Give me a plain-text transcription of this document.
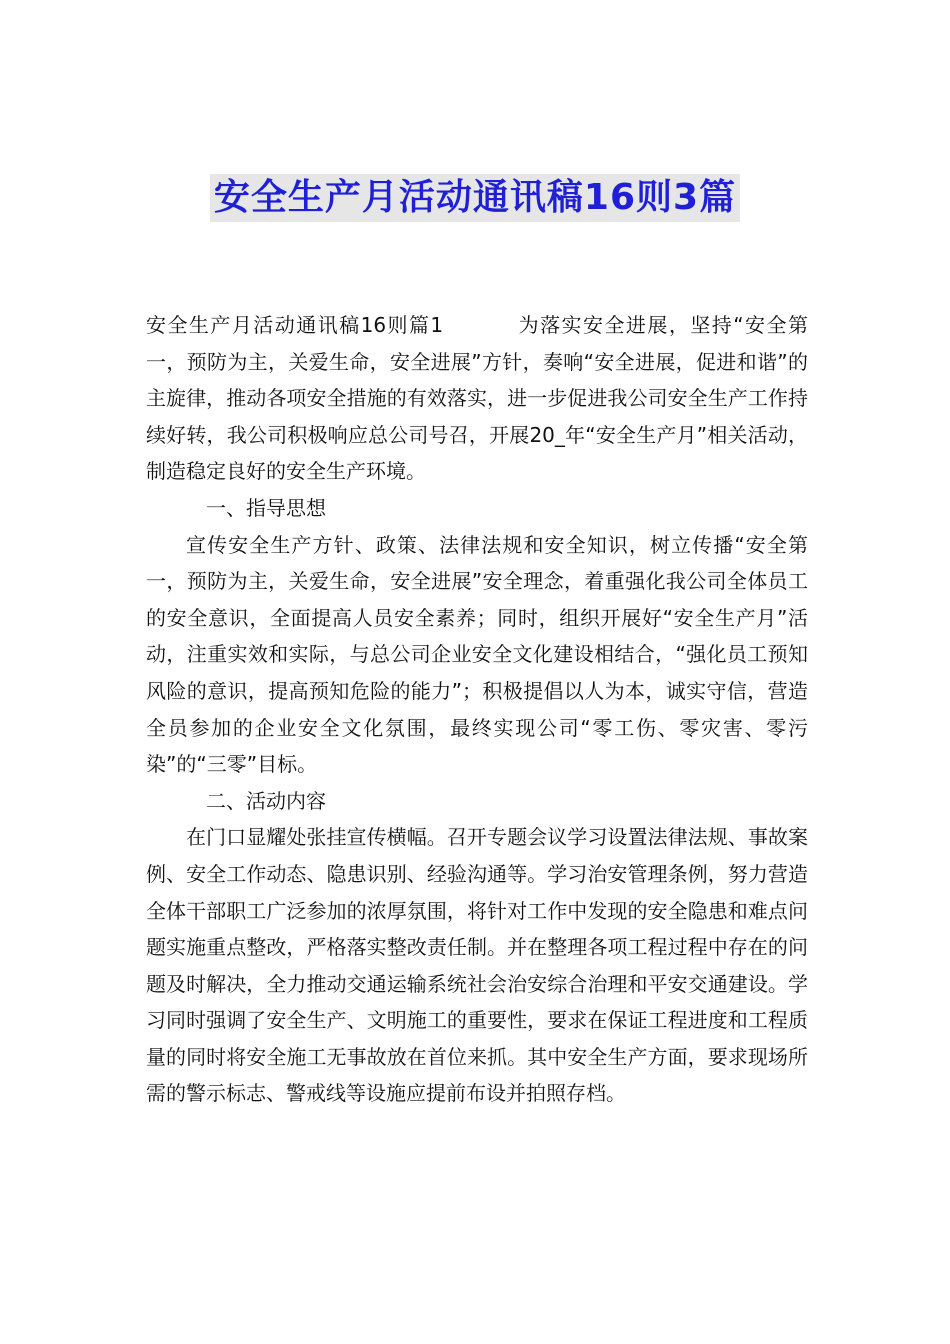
安全生产月活动通讯稿16则3篇

安全生产月活动通讯稿16则篇1	为落实安全进展，坚持“安全第一，预防为主，关爱生命，安全进展”方针，奏响“安全进展，促进和谐”的主旋律，推动各项安全措施的有效落实，进一步促进我公司安全生产工作持续好转，我公司积极响应总公司号召，开展20_年“安全生产月”相关活动，制造稳定良好的安全生产环境。

一、指导思想

宣传安全生产方针、政策、法律法规和安全知识，树立传播“安全第一，预防为主，关爱生命，安全进展”安全理念，着重强化我公司全体员工的安全意识，全面提高人员安全素养；同时，组织开展好“安全生产月”活动，注重实效和实际，与总公司企业安全文化建设相结合，“强化员工预知风险的意识，提高预知危险的能力”；积极提倡以人为本，诚实守信，营造全员参加的企业安全文化氛围，最终实现公司“零工伤、零灾害、零污染”的“三零”目标。

二、活动内容

在门口显耀处张挂宣传横幅。召开专题会议学习设置法律法规、事故案例、安全工作动态、隐患识别、经验沟通等。学习治安管理条例，努力营造全体干部职工广泛参加的浓厚氛围，将针对工作中发现的安全隐患和难点问题实施重点整改，严格落实整改责任制。并在整理各项工程过程中存在的问题及时解决，全力推动交通运输系统社会治安综合治理和平安交通建设。学习同时强调了安全生产、文明施工的重要性，要求在保证工程进度和工程质量的同时将安全施工无事故放在首位来抓。其中安全生产方面，要求现场所需的警示标志、警戒线等设施应提前布设并拍照存档。
